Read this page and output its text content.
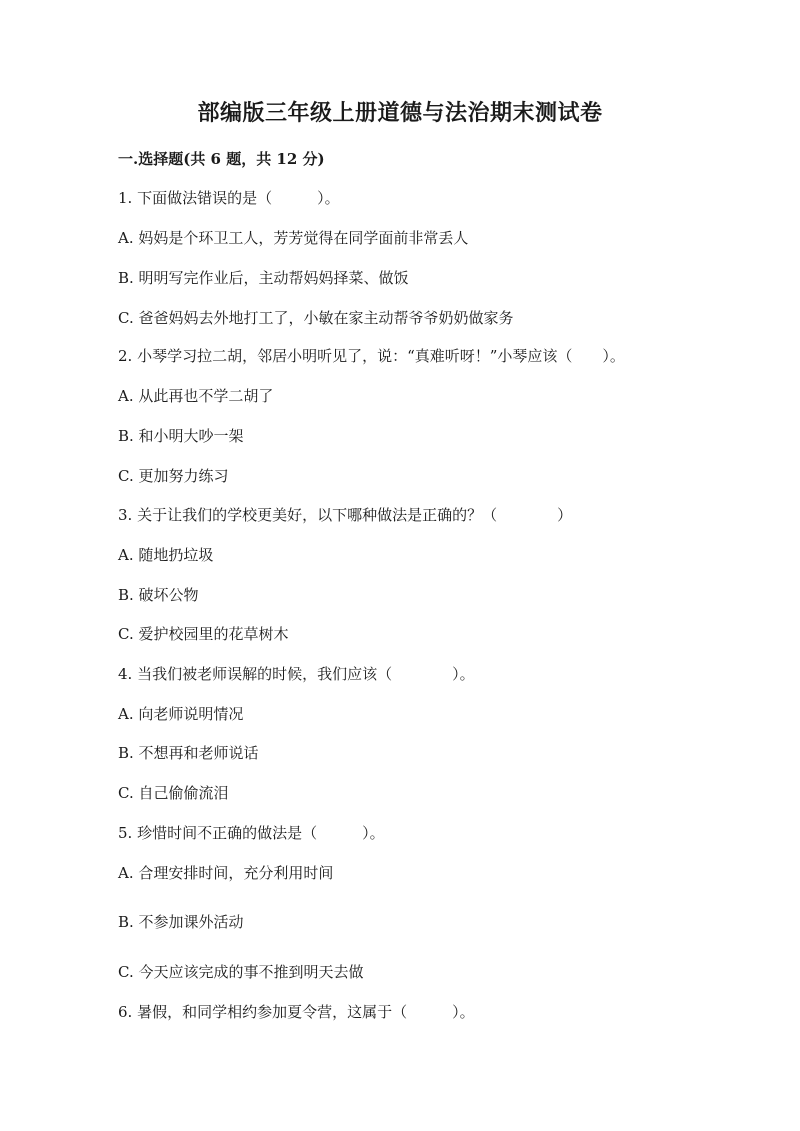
部编版三年级上册道德与法治期末测试卷
一.选择题(共 6 题，共 12 分)
1. 下面做法错误的是（　　　）。
A. 妈妈是个环卫工人，芳芳觉得在同学面前非常丢人
B. 明明写完作业后，主动帮妈妈择菜、做饭
C. 爸爸妈妈去外地打工了，小敏在家主动帮爷爷奶奶做家务
2. 小琴学习拉二胡，邻居小明听见了，说：“真难听呀！”小琴应该（　　）。
A. 从此再也不学二胡了
B. 和小明大吵一架
C. 更加努力练习
3. 关于让我们的学校更美好，以下哪种做法是正确的？（　　　　）
A. 随地扔垃圾
B. 破坏公物
C. 爱护校园里的花草树木
4. 当我们被老师误解的时候，我们应该（　　　　）。
A. 向老师说明情况
B. 不想再和老师说话
C. 自己偷偷流泪
5. 珍惜时间不正确的做法是（　　　）。
A. 合理安排时间，充分利用时间
B. 不参加课外活动
C. 今天应该完成的事不推到明天去做
6. 暑假，和同学相约参加夏令营，这属于（　　　）。
